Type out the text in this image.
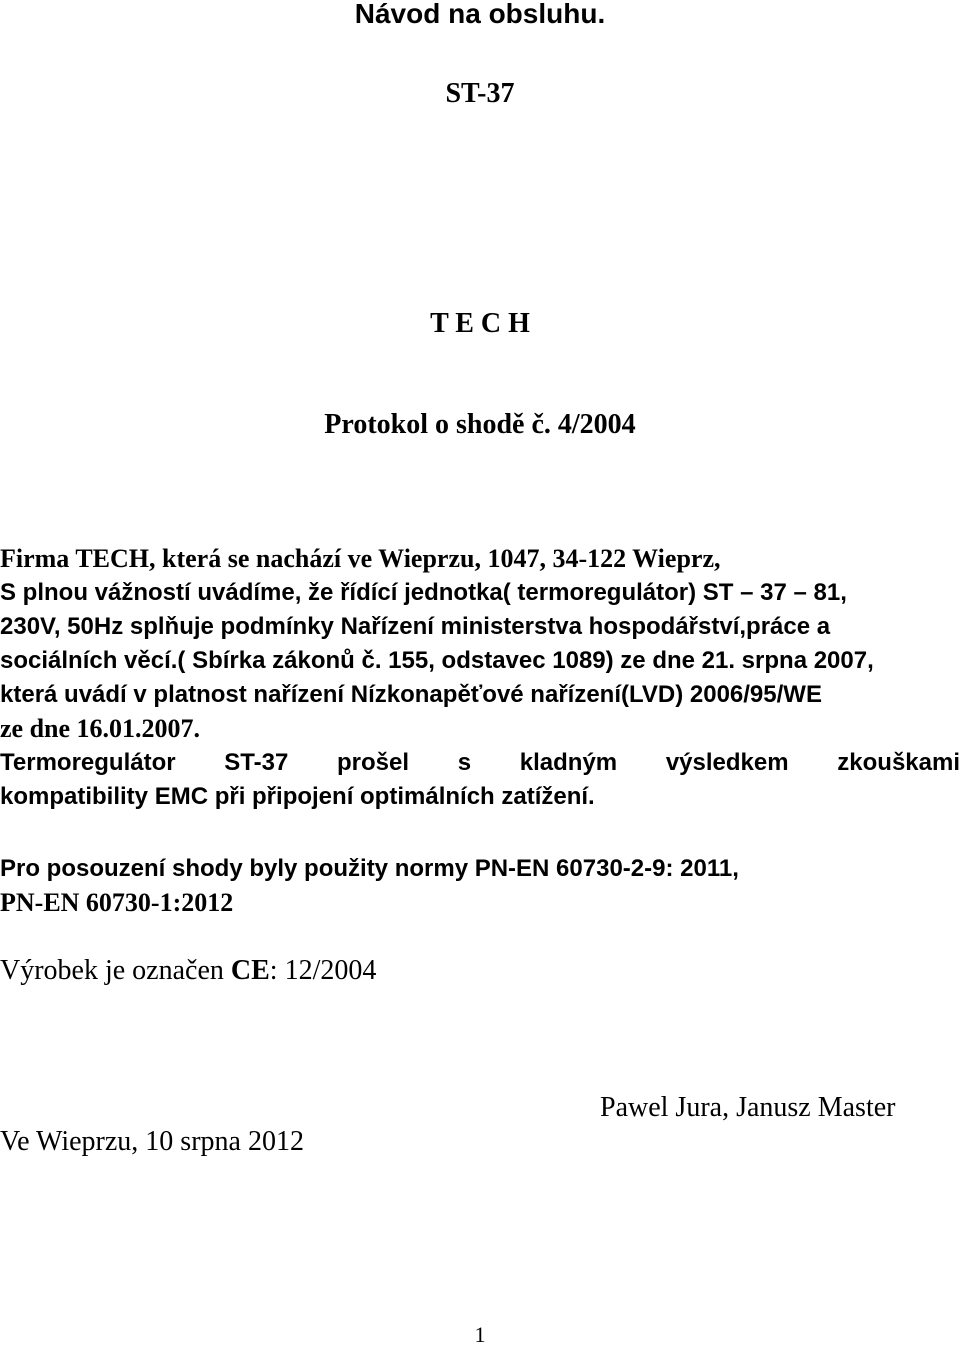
Návod na obsluhu.
ST-37
T E C H
Protokol o shodě č. 4/2004
Firma TECH, která se nachází ve Wieprzu, 1047, 34-122 Wieprz,
S plnou vážností uvádíme, že řídící jednotka( termoregulátor) ST – 37 – 81,
230V, 50Hz splňuje podmínky Nařízení ministerstva hospodářství,práce a
sociálních věcí.( Sbírka zákonů č. 155, odstavec 1089) ze dne 21. srpna 2007,
která uvádí v platnost nařízení Nízkonapěťové nařízení(LVD) 2006/95/WE
ze dne 16.01.2007.
Termoregulátor ST-37 prošel s kladným výsledkem zkouškami
kompatibility EMC při připojení optimálních zatížení.
Pro posouzení shody byly použity normy PN-EN 60730-2-9: 2011,
PN-EN 60730-1:2012
Výrobek je označen CE: 12/2004
Pawel Jura, Janusz Master
Ve Wieprzu, 10 srpna 2012
1
